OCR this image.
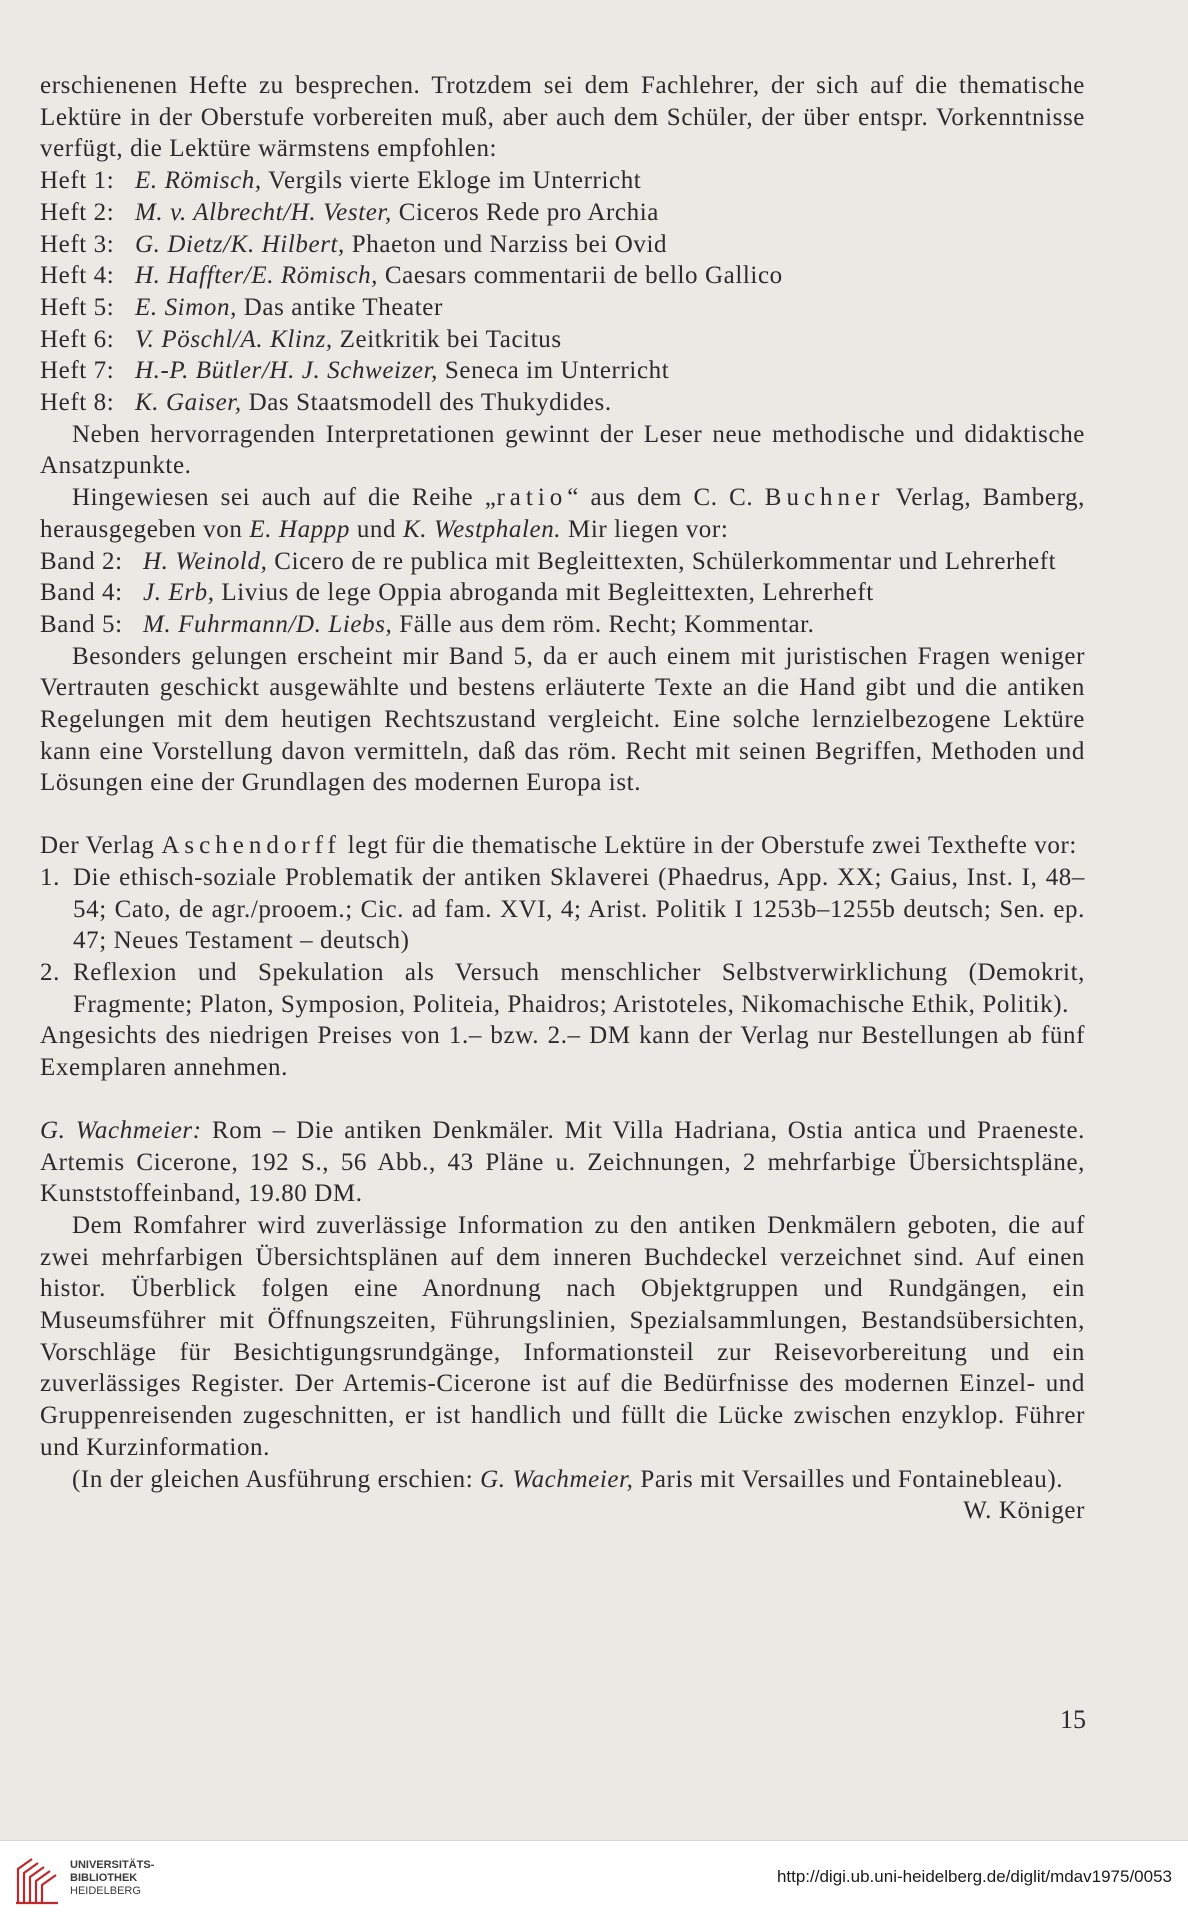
erschienenen Hefte zu besprechen. Trotzdem sei dem Fachlehrer, der sich auf die thematische Lektüre in der Oberstufe vorbereiten muß, aber auch dem Schüler, der über entspr. Vorkenntnisse verfügt, die Lektüre wärmstens empfohlen:

Heft 1: E. Römisch, Vergils vierte Ekloge im Unterricht
Heft 2: M. v. Albrecht/H. Vester, Ciceros Rede pro Archia
Heft 3: G. Dietz/K. Hilbert, Phaeton und Narziss bei Ovid
Heft 4: H. Haffter/E. Römisch, Caesars commentarii de bello Gallico
Heft 5: E. Simon, Das antike Theater
Heft 6: V. Pöschl/A. Klinz, Zeitkritik bei Tacitus
Heft 7: H.-P. Bütler/H. J. Schweizer, Seneca im Unterricht
Heft 8: K. Gaiser, Das Staatsmodell des Thukydides.

Neben hervorragenden Interpretationen gewinnt der Leser neue methodische und didaktische Ansatzpunkte.

Hingewiesen sei auch auf die Reihe „ratio“ aus dem C. C. Buchner Verlag, Bamberg, herausgegeben von E. Happp und K. Westphalen. Mir liegen vor:

Band 2: H. Weinold, Cicero de re publica mit Begleittexten, Schülerkommentar und Lehrerheft
Band 4: J. Erb, Livius de lege Oppia abroganda mit Begleittexten, Lehrerheft
Band 5: M. Fuhrmann/D. Liebs, Fälle aus dem röm. Recht; Kommentar.

Besonders gelungen erscheint mir Band 5, da er auch einem mit juristischen Fragen weniger Vertrauten geschickt ausgewählte und bestens erläuterte Texte an die Hand gibt und die antiken Regelungen mit dem heutigen Rechtszustand vergleicht. Eine solche lernzielbezogene Lektüre kann eine Vorstellung davon vermitteln, daß das röm. Recht mit seinen Begriffen, Methoden und Lösungen eine der Grundlagen des modernen Europa ist.

Der Verlag Aschendorff legt für die thematische Lektüre in der Oberstufe zwei Texthefte vor:

1. Die ethisch-soziale Problematik der antiken Sklaverei (Phaedrus, App. XX; Gaius, Inst. I, 48–54; Cato, de agr./prooem.; Cic. ad fam. XVI, 4; Arist. Politik I 1253b–1255b deutsch; Sen. ep. 47; Neues Testament – deutsch)
2. Reflexion und Spekulation als Versuch menschlicher Selbstverwirklichung (Demokrit, Fragmente; Platon, Symposion, Politeia, Phaidros; Aristoteles, Nikomachische Ethik, Politik).

Angesichts des niedrigen Preises von 1.– bzw. 2.– DM kann der Verlag nur Bestellungen ab fünf Exemplaren annehmen.

G. Wachmeier: Rom – Die antiken Denkmäler. Mit Villa Hadriana, Ostia antica und Praeneste. Artemis Cicerone, 192 S., 56 Abb., 43 Pläne u. Zeichnungen, 2 mehrfarbige Übersichtspläne, Kunststoffeinband, 19.80 DM.

Dem Romfahrer wird zuverlässige Information zu den antiken Denkmälern geboten, die auf zwei mehrfarbigen Übersichtsplänen auf dem inneren Buchdeckel verzeichnet sind. Auf einen histor. Überblick folgen eine Anordnung nach Objektgruppen und Rundgängen, ein Museumsführer mit Öffnungszeiten, Führungslinien, Spezialsammlungen, Bestandsübersichten, Vorschläge für Besichtigungsrundgänge, Informationsteil zur Reisevorbereitung und ein zuverlässiges Register. Der Artemis-Cicerone ist auf die Bedürfnisse des modernen Einzel- und Gruppenreisenden zugeschnitten, er ist handlich und füllt die Lücke zwischen enzyklop. Führer und Kurzinformation.

(In der gleichen Ausführung erschien: G. Wachmeier, Paris mit Versailles und Fontainebleau).
W. Königer
15
UNIVERSITÄTS-
BIBLIOTHEK
HEIDELBERG
http://digi.ub.uni-heidelberg.de/diglit/mdav1975/0053
